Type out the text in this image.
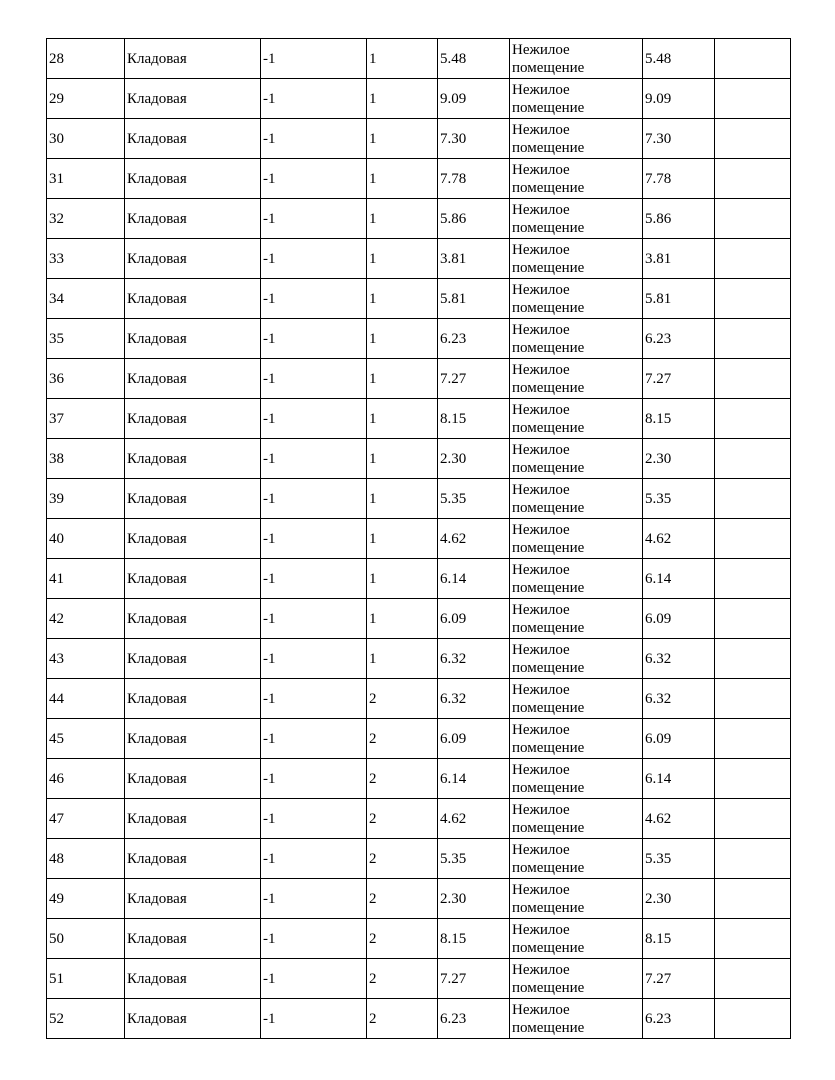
28	Кладовая	-1	1	5.48	Нежилое помещение	5.48	
29	Кладовая	-1	1	9.09	Нежилое помещение	9.09	
30	Кладовая	-1	1	7.30	Нежилое помещение	7.30	
31	Кладовая	-1	1	7.78	Нежилое помещение	7.78	
32	Кладовая	-1	1	5.86	Нежилое помещение	5.86	
33	Кладовая	-1	1	3.81	Нежилое помещение	3.81	
34	Кладовая	-1	1	5.81	Нежилое помещение	5.81	
35	Кладовая	-1	1	6.23	Нежилое помещение	6.23	
36	Кладовая	-1	1	7.27	Нежилое помещение	7.27	
37	Кладовая	-1	1	8.15	Нежилое помещение	8.15	
38	Кладовая	-1	1	2.30	Нежилое помещение	2.30	
39	Кладовая	-1	1	5.35	Нежилое помещение	5.35	
40	Кладовая	-1	1	4.62	Нежилое помещение	4.62	
41	Кладовая	-1	1	6.14	Нежилое помещение	6.14	
42	Кладовая	-1	1	6.09	Нежилое помещение	6.09	
43	Кладовая	-1	1	6.32	Нежилое помещение	6.32	
44	Кладовая	-1	2	6.32	Нежилое помещение	6.32	
45	Кладовая	-1	2	6.09	Нежилое помещение	6.09	
46	Кладовая	-1	2	6.14	Нежилое помещение	6.14	
47	Кладовая	-1	2	4.62	Нежилое помещение	4.62	
48	Кладовая	-1	2	5.35	Нежилое помещение	5.35	
49	Кладовая	-1	2	2.30	Нежилое помещение	2.30	
50	Кладовая	-1	2	8.15	Нежилое помещение	8.15	
51	Кладовая	-1	2	7.27	Нежилое помещение	7.27	
52	Кладовая	-1	2	6.23	Нежилое помещение	6.23	
